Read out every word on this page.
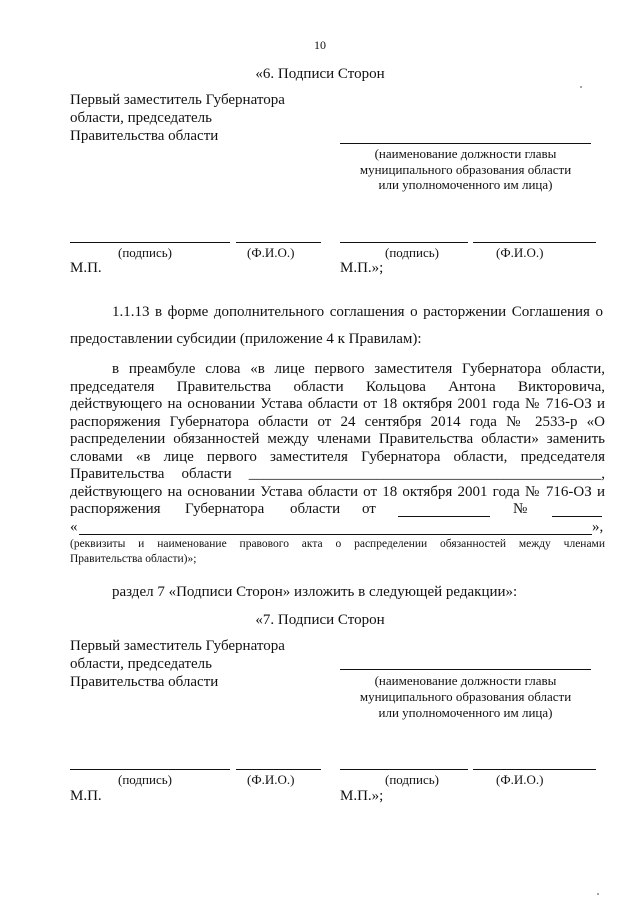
10
«6. Подписи Сторон
Первый заместитель Губернатора
области, председатель
Правительства области
(наименование должности главы
муниципального образования области
или уполномоченного им лица)
(подпись)	(Ф.И.О.)	(подпись)	(Ф.И.О.)
М.П.	М.П.»;
1.1.13 в форме дополнительного соглашения о расторжении Соглашения о
предоставлении субсидии (приложение 4 к Правилам):
в преамбуле слова «в лице первого заместителя Губернатора области,
председателя Правительства области Кольцова Антона Викторовича,
действующего на основании Устава области от 18 октября 2001 года № 716-ОЗ и
распоряжения Губернатора области от 24 сентября 2014 года № 2533-р «О
распределении обязанностей между членами Правительства области» заменить
словами «в лице первого заместителя Губернатора области, председателя
Правительства области _______________________________________________,
действующего на основании Устава области от 18 октября 2001 года № 716-ОЗ и
распоряжения Губернатора области от	№
«	»,
(реквизиты и наименование правового акта о распределении обязанностей между членами
Правительства области)»;
раздел 7 «Подписи Сторон» изложить в следующей редакции»:
«7. Подписи Сторон
Первый заместитель Губернатора
области, председатель
Правительства области	(наименование должности главы
муниципального образования области
или уполномоченного им лица)
(подпись)	(Ф.И.О.)	(подпись)	(Ф.И.О.)
М.П.	М.П.»;
